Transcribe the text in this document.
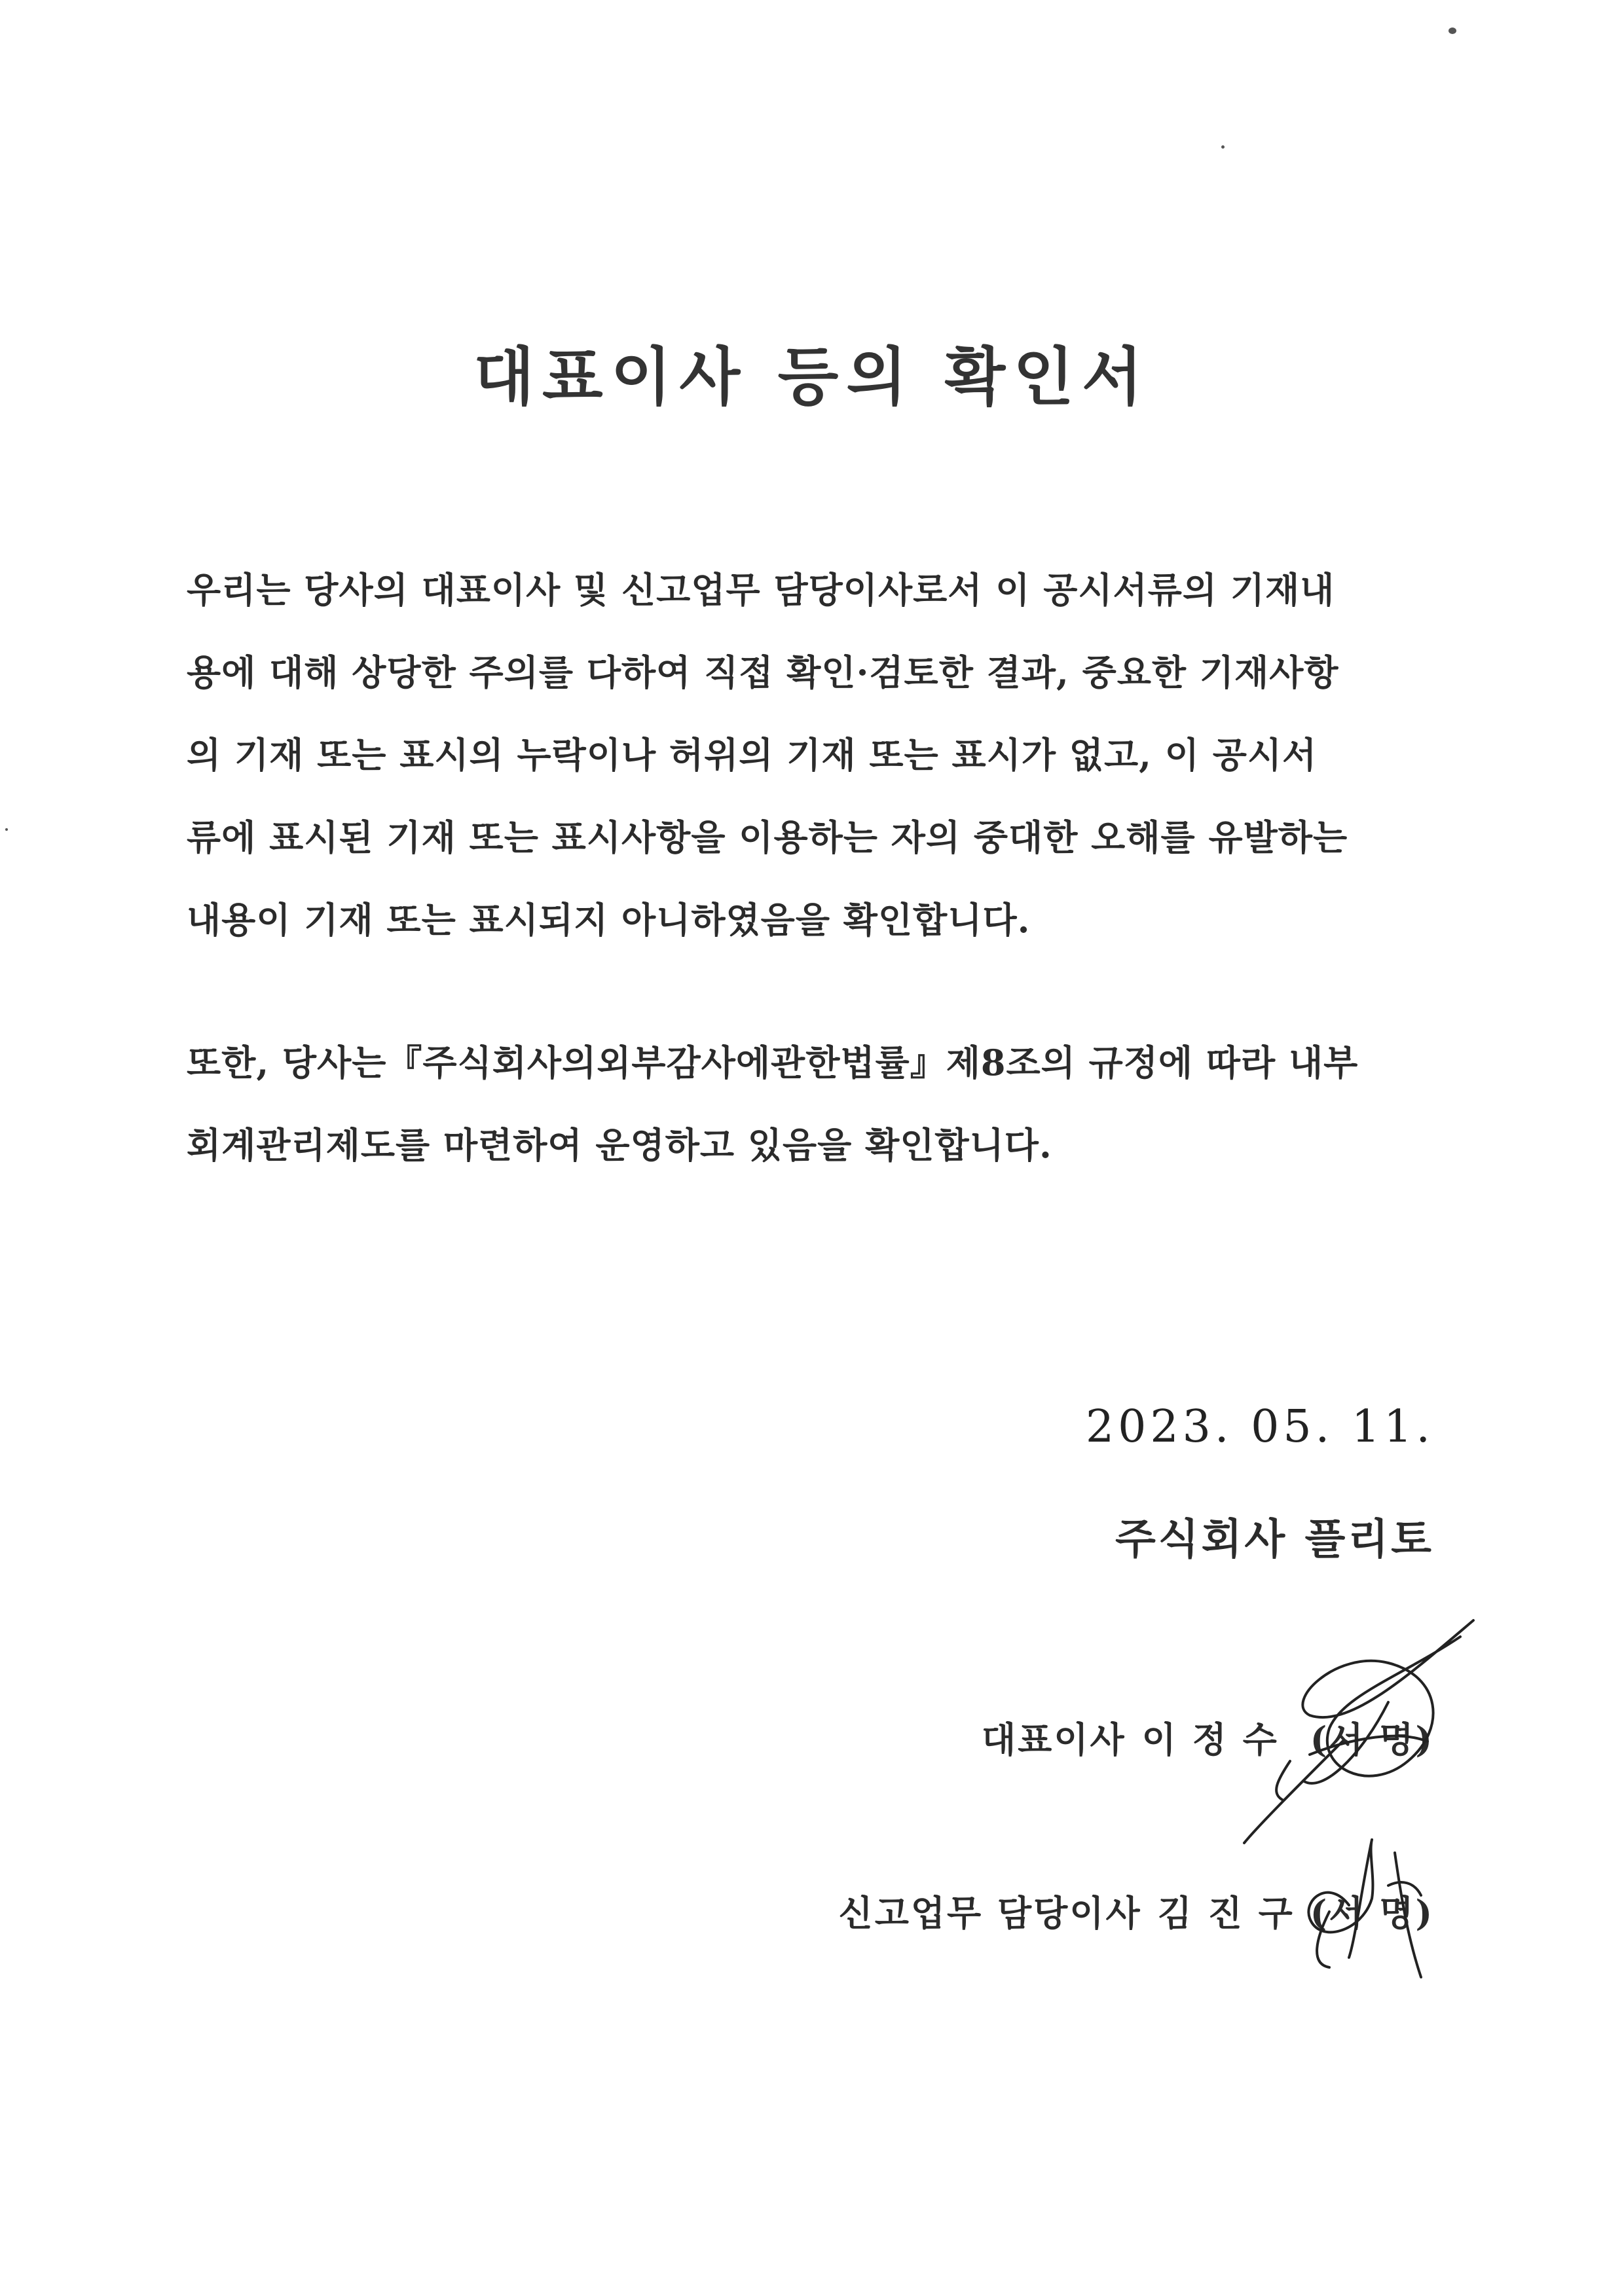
대표이사 등의 확인서

우리는 당사의 대표이사 및 신고업무 담당이사로서 이 공시서류의 기재내
용에 대해 상당한 주의를 다하여 직접 확인·검토한 결과, 중요한 기재사항
의 기재 또는 표시의 누락이나 허위의 기재 또는 표시가 없고, 이 공시서
류에 표시된 기재 또는 표시사항을 이용하는 자의 중대한 오해를 유발하는
내용이 기재 또는 표시되지 아니하였음을 확인합니다.

또한, 당사는『주식회사의외부감사에관한법률』제8조의 규정에 따라 내부
회계관리제도를 마련하여 운영하고 있음을 확인합니다.

2023. 05. 11.
주식회사 플리토
대표이사 이 정 수 (서 명)
신고업무 담당이사 김 진 구 (서 명)
